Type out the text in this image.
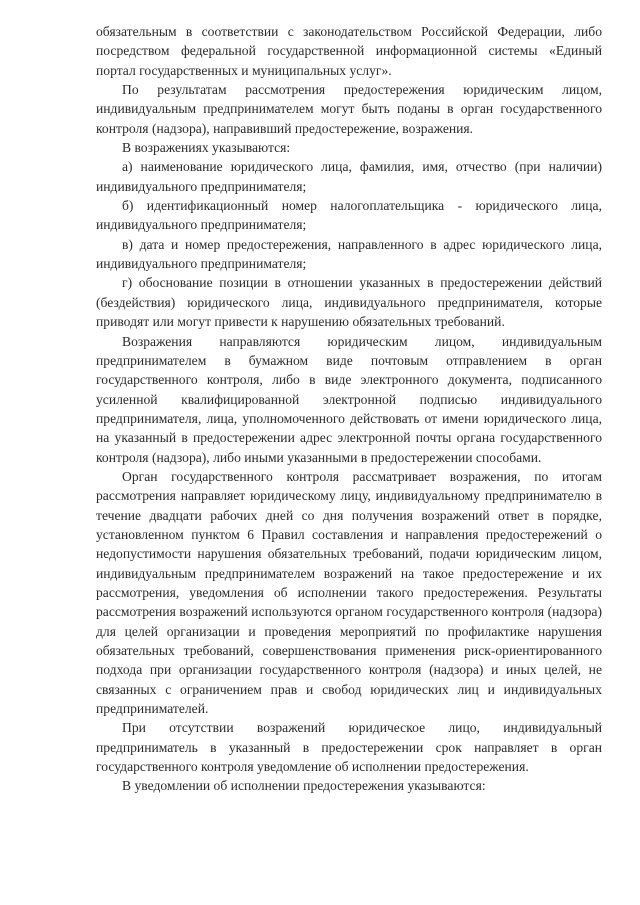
обязательным в соответствии с законодательством Российской Федерации, либо посредством федеральной государственной информационной системы «Единый портал государственных и муниципальных услуг».

По результатам рассмотрения предостережения юридическим лицом, индивидуальным предпринимателем могут быть поданы в орган государственного контроля (надзора), направивший предостережение, возражения.

В возражениях указываются:

а) наименование юридического лица, фамилия, имя, отчество (при наличии) индивидуального предпринимателя;

б) идентификационный номер налогоплательщика - юридического лица, индивидуального предпринимателя;

в) дата и номер предостережения, направленного в адрес юридического лица, индивидуального предпринимателя;

г) обоснование позиции в отношении указанных в предостережении действий (бездействия) юридического лица, индивидуального предпринимателя, которые приводят или могут привести к нарушению обязательных требований.

Возражения направляются юридическим лицом, индивидуальным предпринимателем в бумажном виде почтовым отправлением в орган государственного контроля, либо в виде электронного документа, подписанного усиленной квалифицированной электронной подписью индивидуального предпринимателя, лица, уполномоченного действовать от имени юридического лица, на указанный в предостережении адрес электронной почты органа государственного контроля (надзора), либо иными указанными в предостережении способами.

Орган государственного контроля рассматривает возражения, по итогам рассмотрения направляет юридическому лицу, индивидуальному предпринимателю в течение двадцати рабочих дней со дня получения возражений ответ в порядке, установленном пунктом 6 Правил составления и направления предостережений о недопустимости нарушения обязательных требований, подачи юридическим лицом, индивидуальным предпринимателем возражений на такое предостережение и их рассмотрения, уведомления об исполнении такого предостережения. Результаты рассмотрения возражений используются органом государственного контроля (надзора) для целей организации и проведения мероприятий по профилактике нарушения обязательных требований, совершенствования применения риск-ориентированного подхода при организации государственного контроля (надзора) и иных целей, не связанных с ограничением прав и свобод юридических лиц и индивидуальных предпринимателей.

При отсутствии возражений юридическое лицо, индивидуальный предприниматель в указанный в предостережении срок направляет в орган государственного контроля уведомление об исполнении предостережения.

В уведомлении об исполнении предостережения указываются:
